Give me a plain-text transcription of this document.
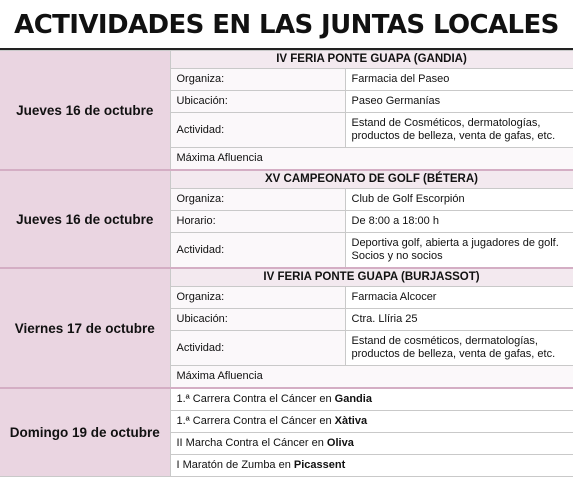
ACTIVIDADES EN LAS JUNTAS LOCALES
Jueves 16 de octubre	IV FERIA PONTE GUAPA (GANDIA)	
	Organiza:	Farmacia del Paseo
	Ubicación:	Paseo Germanías
	Actividad:	Estand de Cosméticos, dermatologías, productos de belleza, venta de gafas, etc.
	Máxima Afluencia	
Jueves 16 de octubre	XV CAMPEONATO DE GOLF (BÉTERA)	
	Organiza:	Club de Golf Escorpión
	Horario:	De 8:00 a 18:00 h
	Actividad:	Deportiva golf, abierta a jugadores de golf. Socios y no socios
Viernes 17 de octubre	IV FERIA PONTE GUAPA (BURJASSOT)	
	Organiza:	Farmacia Alcocer
	Ubicación:	Ctra. Llíria 25
	Actividad:	Estand de cosméticos, dermatologías, productos de belleza, venta de gafas, etc.
	Máxima Afluencia	
Domingo 19 de octubre	1.ª Carrera Contra el Cáncer en Gandia	
	1.ª Carrera Contra el Cáncer en Xàtiva	
	II Marcha Contra el Cáncer en Oliva	
	I Maratón de Zumba en Picassent	
